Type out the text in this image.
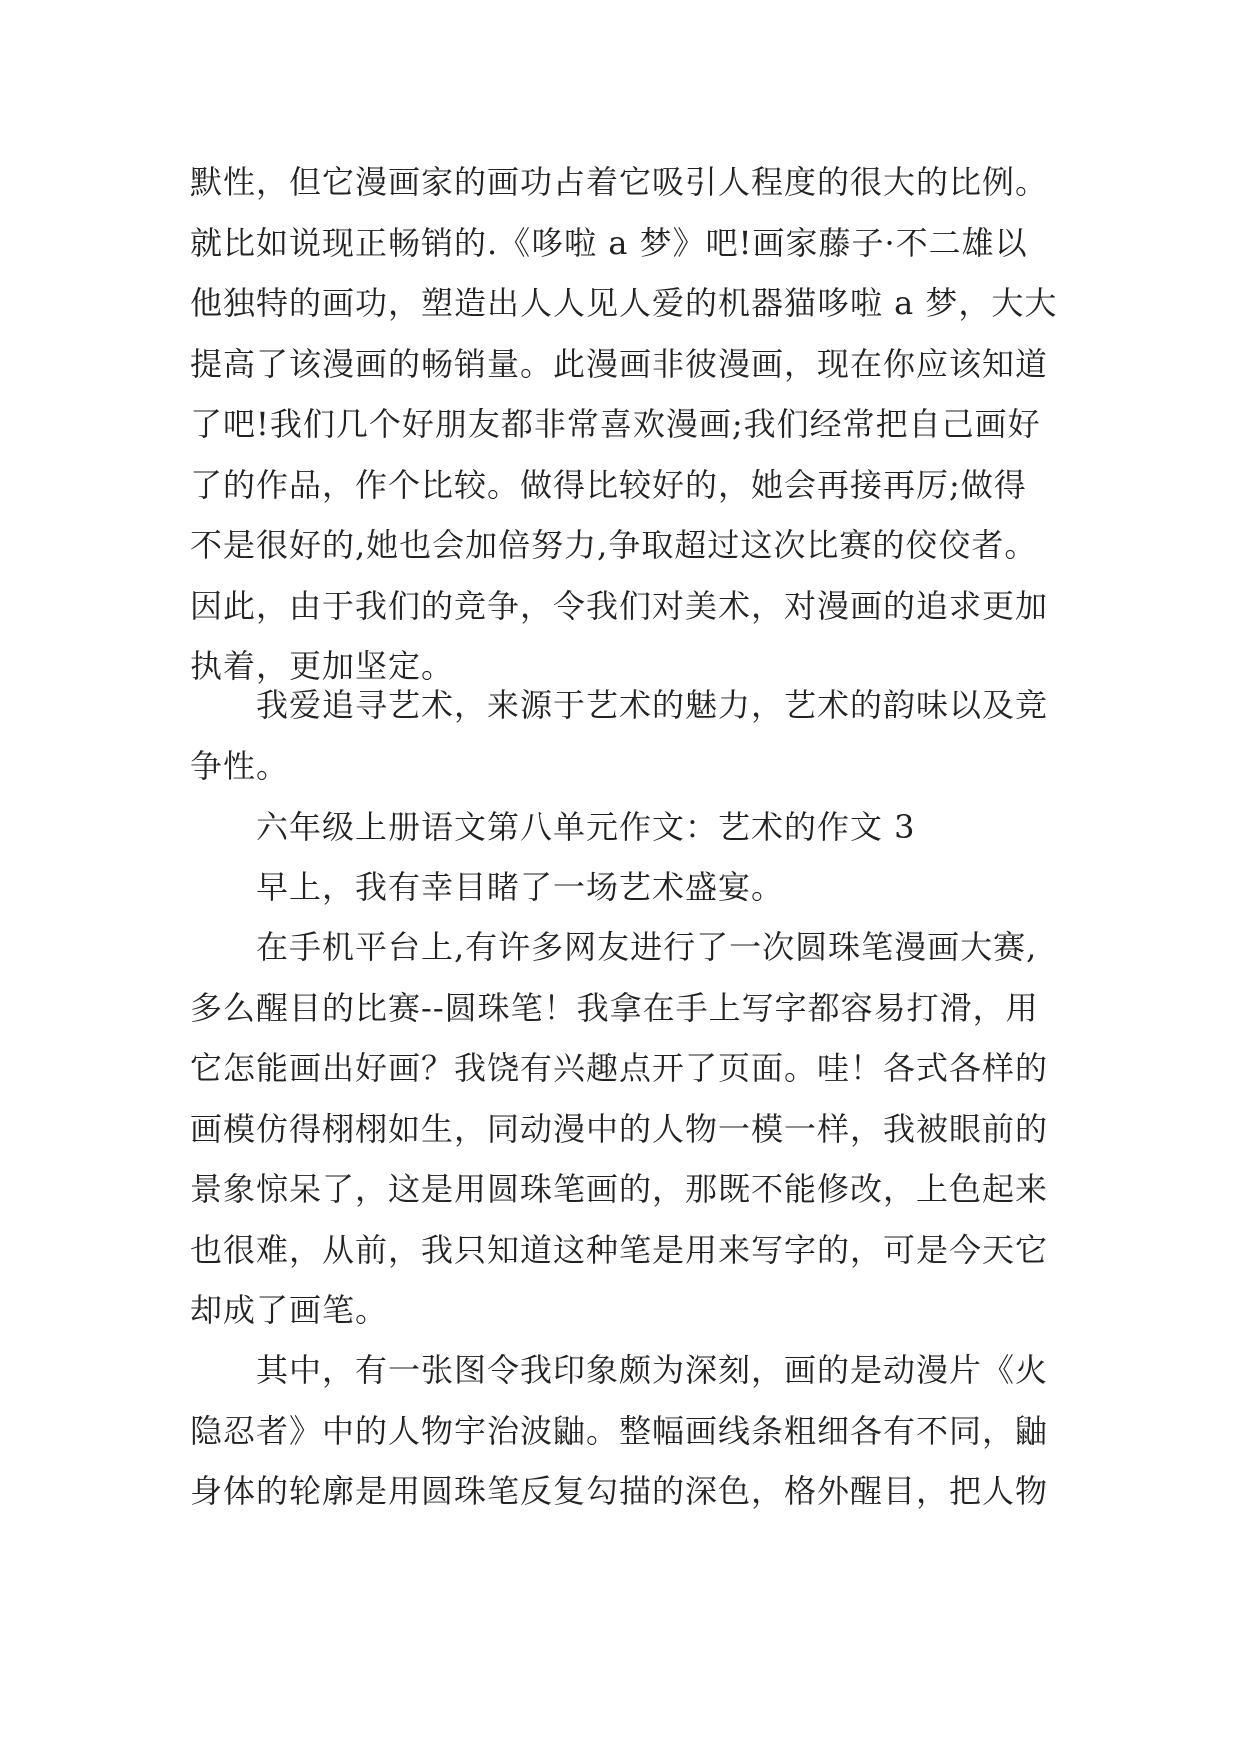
默性，但它漫画家的画功占着它吸引人程度的很大的比例。
就比如说现正畅销的.《哆啦 a 梦》吧!画家藤子·不二雄以
他独特的画功，塑造出人人见人爱的机器猫哆啦 a 梦，大大
提高了该漫画的畅销量。此漫画非彼漫画，现在你应该知道
了吧!我们几个好朋友都非常喜欢漫画;我们经常把自己画好
了的作品，作个比较。做得比较好的，她会再接再厉;做得
不是很好的,她也会加倍努力,争取超过这次比赛的佼佼者。
因此，由于我们的竞争，令我们对美术，对漫画的追求更加
执着，更加坚定。
我爱追寻艺术，来源于艺术的魅力，艺术的韵味以及竞
争性。
六年级上册语文第八单元作文：艺术的作文 3
早上，我有幸目睹了一场艺术盛宴。
在手机平台上,有许多网友进行了一次圆珠笔漫画大赛,
多么醒目的比赛--圆珠笔！我拿在手上写字都容易打滑，用
它怎能画出好画？我饶有兴趣点开了页面。哇！各式各样的
画模仿得栩栩如生，同动漫中的人物一模一样，我被眼前的
景象惊呆了，这是用圆珠笔画的，那既不能修改，上色起来
也很难，从前，我只知道这种笔是用来写字的，可是今天它
却成了画笔。
其中，有一张图令我印象颇为深刻，画的是动漫片《火
隐忍者》中的人物宇治波鼬。整幅画线条粗细各有不同，鼬
身体的轮廓是用圆珠笔反复勾描的深色，格外醒目，把人物
